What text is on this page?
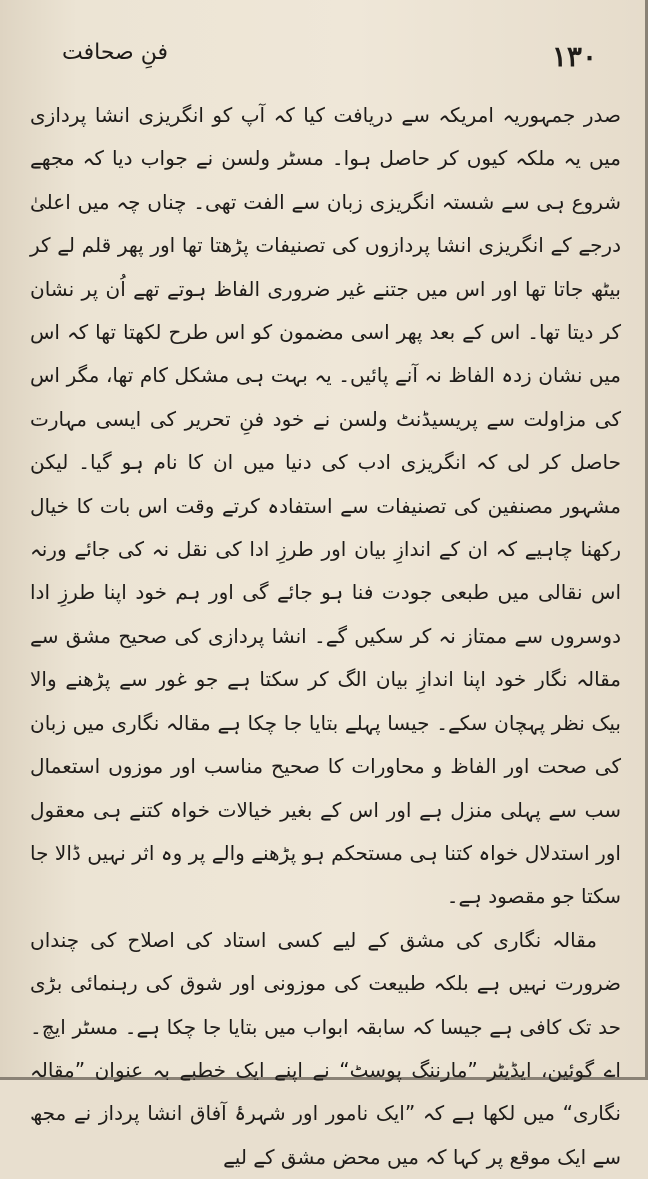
۱۳۰
فنِ صحافت

صدر جمہوریہ امریکہ سے دریافت کیا کہ آپ کو انگریزی انشا پردازی میں یہ ملکہ کیوں کر حاصل ہوا۔ مسٹر ولسن نے جواب دیا کہ مجھے شروع ہی سے شستہ انگریزی زبان سے الفت تھی۔ چناں چہ میں اعلیٰ درجے کے انگریزی انشا پردازوں کی تصنیفات پڑھتا تھا اور پھر قلم لے کر بیٹھ جاتا تھا اور اس میں جتنے غیر ضروری الفاظ ہوتے تھے اُن پر نشان کر دیتا تھا۔ اس کے بعد پھر اسی مضمون کو اس طرح لکھتا تھا کہ اس میں نشان زدہ الفاظ نہ آنے پائیں۔ یہ بہت ہی مشکل کام تھا، مگر اس کی مزاولت سے پریسیڈنٹ ولسن نے خود فنِ تحریر کی ایسی مہارت حاصل کر لی کہ انگریزی ادب کی دنیا میں ان کا نام ہو گیا۔ لیکن مشہور مصنفین کی تصنیفات سے استفادہ کرتے وقت اس بات کا خیال رکھنا چاہیے کہ ان کے اندازِ بیان اور طرزِ ادا کی نقل نہ کی جائے ورنہ اس نقالی میں طبعی جودت فنا ہو جائے گی اور ہم خود اپنا طرزِ ادا دوسروں سے ممتاز نہ کر سکیں گے۔ انشا پردازی کی صحیح مشق سے مقالہ نگار خود اپنا اندازِ بیان الگ کر سکتا ہے جو غور سے پڑھنے والا بیک نظر پہچان سکے۔ جیسا پہلے بتایا جا چکا ہے مقالہ نگاری میں زبان کی صحت اور الفاظ و محاورات کا صحیح مناسب اور موزوں استعمال سب سے پہلی منزل ہے اور اس کے بغیر خیالات خواہ کتنے ہی معقول اور استدلال خواہ کتنا ہی مستحکم ہو پڑھنے والے پر وہ اثر نہیں ڈالا جا سکتا جو مقصود ہے۔

مقالہ نگاری کی مشق کے لیے کسی استاد کی اصلاح کی چنداں ضرورت نہیں ہے بلکہ طبیعت کی موزونی اور شوق کی رہنمائی بڑی حد تک کافی ہے جیسا کہ سابقہ ابواب میں بتایا جا چکا ہے۔ مسٹر ایچ۔ اے گوئین، ایڈیٹر ”مارننگ پوسٹ“ نے اپنے ایک خطبے بہ عنوان ”مقالہ نگاری“ میں لکھا ہے کہ ”ایک نامور اور شہرۂ آفاق انشا پرداز نے مجھ سے ایک موقع پر کہا کہ میں محض مشق کے لیے
